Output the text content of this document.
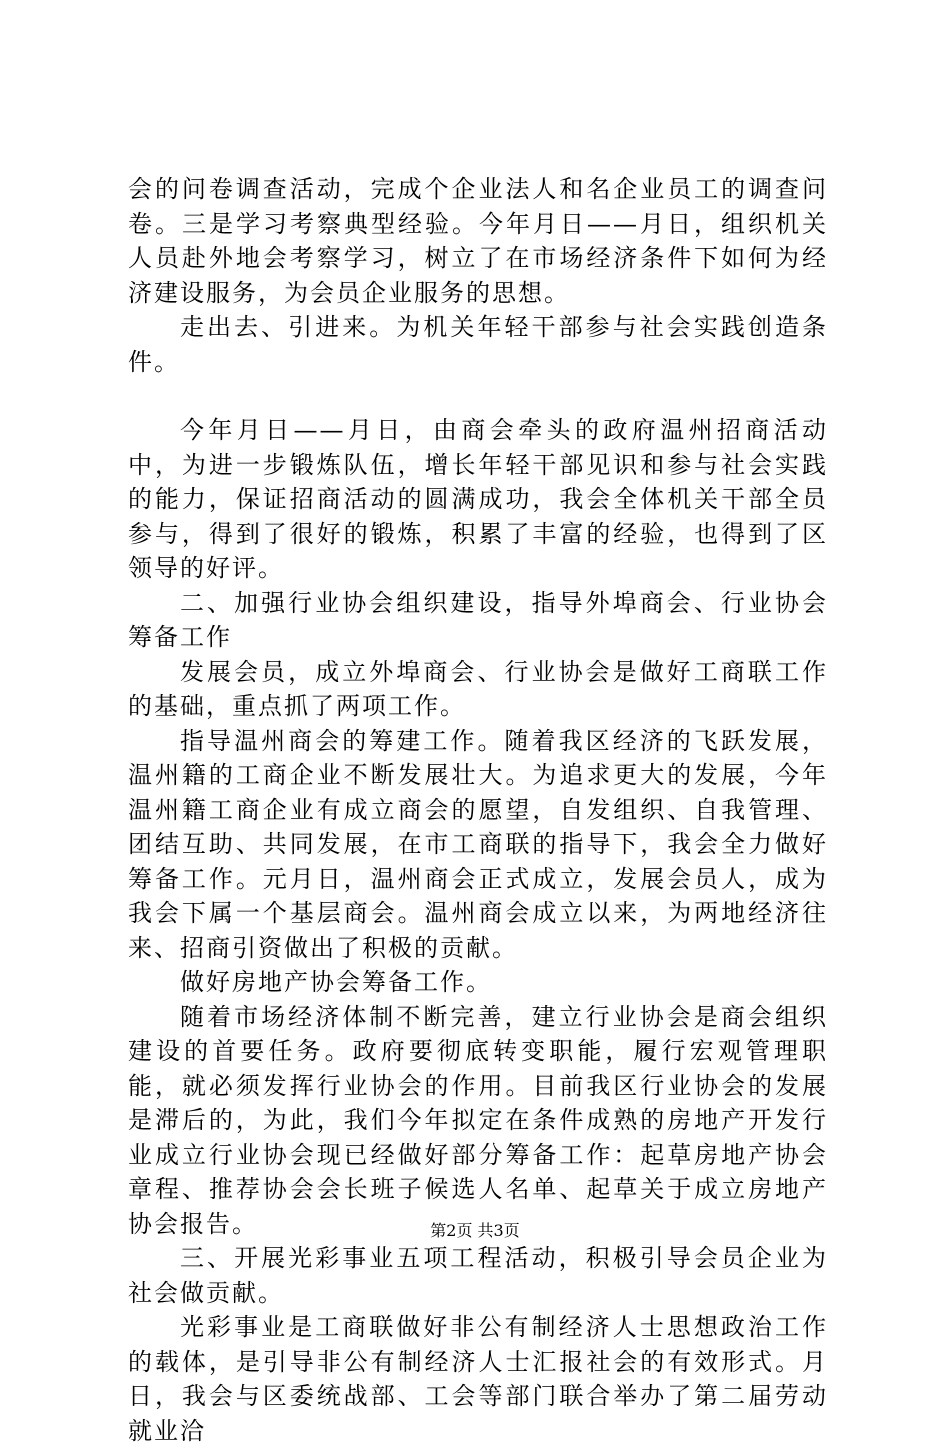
会的问卷调查活动，完成个企业法人和名企业员工的调查问卷。三是学习考察典型经验。今年月日——月日，组织机关人员赴外地会考察学习，树立了在市场经济条件下如何为经济建设服务，为会员企业服务的思想。

走出去、引进来。为机关年轻干部参与社会实践创造条件。

今年月日——月日，由商会牵头的政府温州招商活动中，为进一步锻炼队伍，增长年轻干部见识和参与社会实践的能力，保证招商活动的圆满成功，我会全体机关干部全员参与，得到了很好的锻炼，积累了丰富的经验，也得到了区领导的好评。

二、加强行业协会组织建设，指导外埠商会、行业协会筹备工作

发展会员，成立外埠商会、行业协会是做好工商联工作的基础，重点抓了两项工作。

指导温州商会的筹建工作。随着我区经济的飞跃发展，温州籍的工商企业不断发展壮大。为追求更大的发展，今年温州籍工商企业有成立商会的愿望，自发组织、自我管理、团结互助、共同发展，在市工商联的指导下，我会全力做好筹备工作。元月日，温州商会正式成立，发展会员人，成为我会下属一个基层商会。温州商会成立以来，为两地经济往来、招商引资做出了积极的贡献。

做好房地产协会筹备工作。

随着市场经济体制不断完善，建立行业协会是商会组织建设的首要任务。政府要彻底转变职能，履行宏观管理职能，就必须发挥行业协会的作用。目前我区行业协会的发展是滞后的，为此，我们今年拟定在条件成熟的房地产开发行业成立行业协会现已经做好部分筹备工作：起草房地产协会章程、推荐协会会长班子候选人名单、起草关于成立房地产协会报告。

三、开展光彩事业五项工程活动，积极引导会员企业为社会做贡献。

光彩事业是工商联做好非公有制经济人士思想政治工作的载体，是引导非公有制经济人士汇报社会的有效形式。月日，我会与区委统战部、工会等部门联合举办了第二届劳动就业洽

第2页 共3页
